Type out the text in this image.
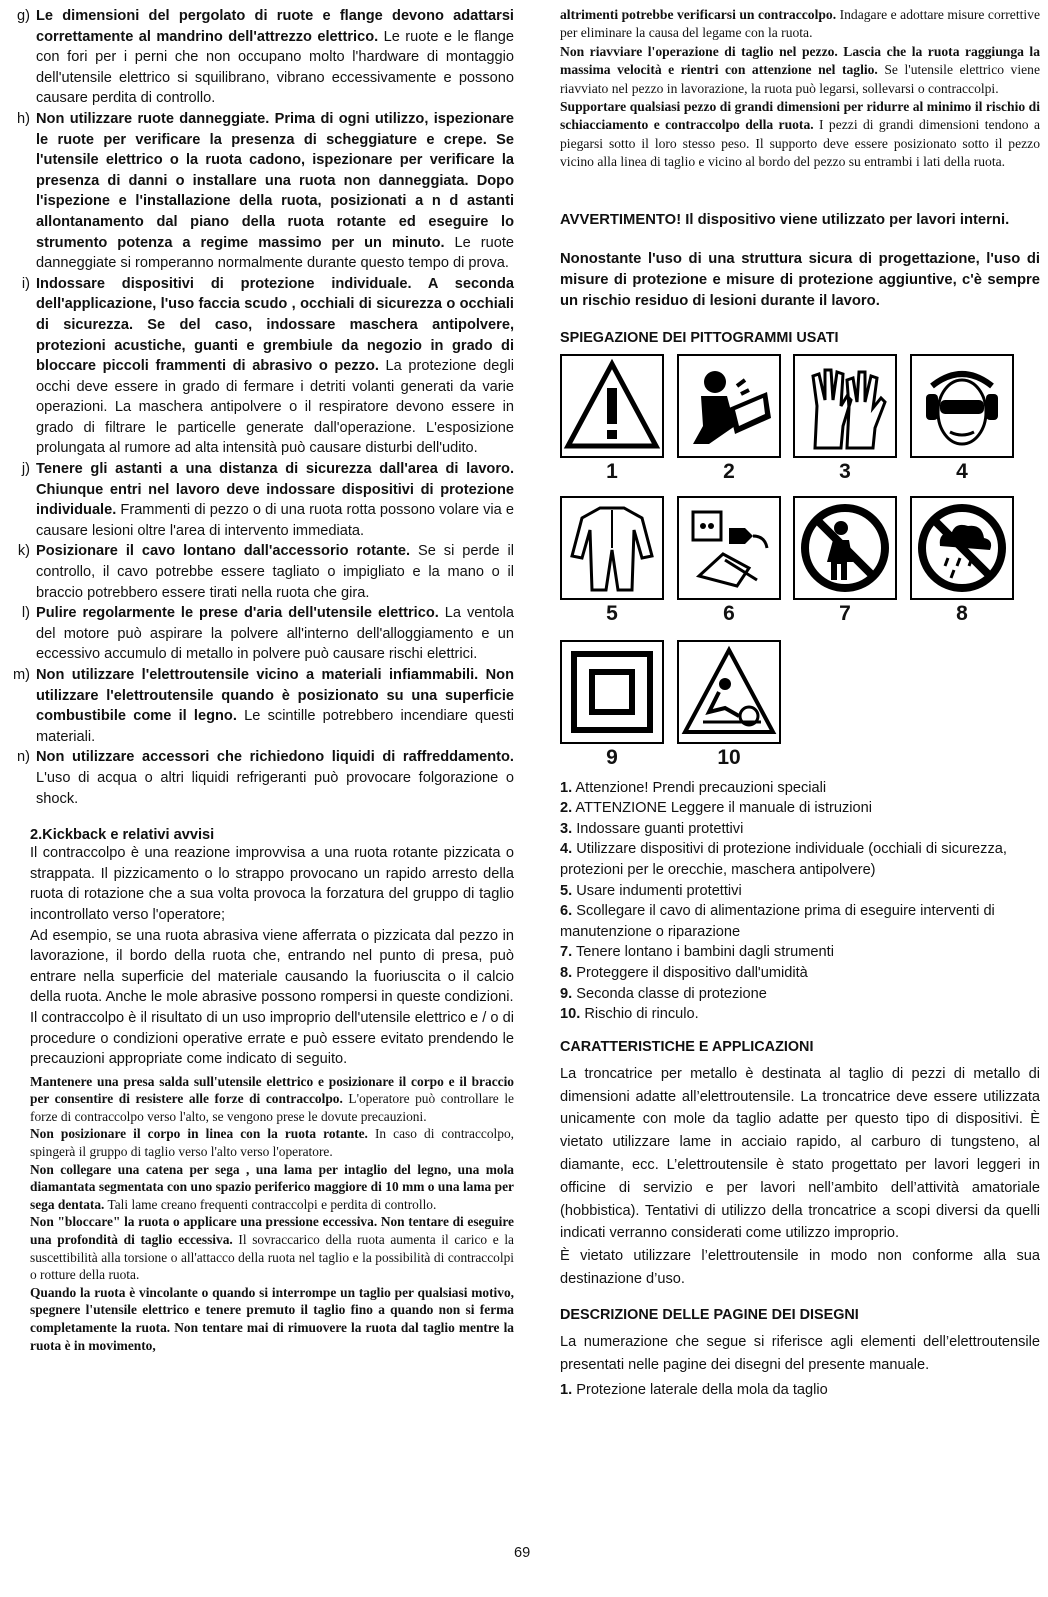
g) Le dimensioni del pergolato di ruote e flange devono adattarsi correttamente al mandrino dell'attrezzo elettrico. Le ruote e le flange con fori per i perni che non occupano molto l'hardware di montaggio dell'utensile elettrico si squilibrano, vibrano eccessivamente e possono causare perdita di controllo.
h) Non utilizzare ruote danneggiate. Prima di ogni utilizzo, ispezionare le ruote per verificare la presenza di scheggiature e crepe. Se l'utensile elettrico o la ruota cadono, ispezionare per verificare la presenza di danni o installare una ruota non danneggiata. Dopo l'ispezione e l'installazione della ruota, posizionati a n d astanti allontanamento dal piano della ruota rotante ed eseguire lo strumento potenza a regime massimo per un minuto. Le ruote danneggiate si romperanno normalmente durante questo tempo di prova.
i) Indossare dispositivi di protezione individuale. A seconda dell'applicazione, l'uso faccia scudo , occhiali di sicurezza o occhiali di sicurezza. Se del caso, indossare maschera antipolvere, protezioni acustiche, guanti e grembiule da negozio in grado di bloccare piccoli frammenti di abrasivo o pezzo. La protezione degli occhi deve essere in grado di fermare i detriti volanti generati da varie operazioni. La maschera antipolvere o il respiratore devono essere in grado di filtrare le particelle generate dall'operazione. L'esposizione prolungata al rumore ad alta intensità può causare disturbi dell'udito.
j) Tenere gli astanti a una distanza di sicurezza dall'area di lavoro. Chiunque entri nel lavoro deve indossare dispositivi di protezione individuale. Frammenti di pezzo o di una ruota rotta possono volare via e causare lesioni oltre l'area di intervento immediata.
k) Posizionare il cavo lontano dall'accessorio rotante. Se si perde il controllo, il cavo potrebbe essere tagliato o impigliato e la mano o il braccio potrebbero essere tirati nella ruota che gira.
l) Pulire regolarmente le prese d'aria dell'utensile elettrico. La ventola del motore può aspirare la polvere all'interno dell'alloggiamento e un eccessivo accumulo di metallo in polvere può causare rischi elettrici.
m) Non utilizzare l'elettroutensile vicino a materiali infiammabili. Non utilizzare l'elettroutensile quando è posizionato su una superficie combustibile come il legno. Le scintille potrebbero incendiare questi materiali.
n) Non utilizzare accessori che richiedono liquidi di raffreddamento. L'uso di acqua o altri liquidi refrigeranti può provocare folgorazione o shock.
2.Kickback e relativi avvisi
Il contraccolpo è una reazione improvvisa a una ruota rotante pizzicata o strappata. Il pizzicamento o lo strappo provocano un rapido arresto della ruota di rotazione che a sua volta provoca la forzatura del gruppo di taglio incontrollato verso l'operatore;
Ad esempio, se una ruota abrasiva viene afferrata o pizzicata dal pezzo in lavorazione, il bordo della ruota che, entrando nel punto di presa, può entrare nella superficie del materiale causando la fuoriuscita o il calcio della ruota. Anche le mole abrasive possono rompersi in queste condizioni.
Il contraccolpo è il risultato di un uso improprio dell'utensile elettrico e / o di procedure o condizioni operative errate e può essere evitato prendendo le precauzioni appropriate come indicato di seguito.
Mantenere una presa salda sull'utensile elettrico e posizionare il corpo e il braccio per consentire di resistere alle forze di contraccolpo. L'operatore può controllare le forze di contraccolpo verso l'alto, se vengono prese le dovute precauzioni.
Non posizionare il corpo in linea con la ruota rotante. In caso di contraccolpo, spingerà il gruppo di taglio verso l'alto verso l'operatore.
Non collegare una catena per sega , una lama per intaglio del legno, una mola diamantata segmentata con uno spazio periferico maggiore di 10 mm o una lama per sega dentata. Tali lame creano frequenti contraccolpi e perdita di controllo.
Non "bloccare" la ruota o applicare una pressione eccessiva. Non tentare di eseguire una profondità di taglio eccessiva. Il sovraccarico della ruota aumenta il carico e la suscettibilità alla torsione o all'attacco della ruota nel taglio e la possibilità di contraccolpi o rotture della ruota.
Quando la ruota è vincolante o quando si interrompe un taglio per qualsiasi motivo, spegnere l'utensile elettrico e tenere premuto il taglio fino a quando non si ferma completamente la ruota. Non tentare mai di rimuovere la ruota dal taglio mentre la ruota è in movimento,
altrimenti potrebbe verificarsi un contraccolpo. Indagare e adottare misure correttive per eliminare la causa del legame con la ruota.
Non riavviare l'operazione di taglio nel pezzo. Lascia che la ruota raggiunga la massima velocità e rientri con attenzione nel taglio. Se l'utensile elettrico viene riavviato nel pezzo in lavorazione, la ruota può legarsi, sollevarsi o contraccolpi.
Supportare qualsiasi pezzo di grandi dimensioni per ridurre al minimo il rischio di schiacciamento e contraccolpo della ruota. I pezzi di grandi dimensioni tendono a piegarsi sotto il loro stesso peso. Il supporto deve essere posizionato sotto il pezzo vicino alla linea di taglio e vicino al bordo del pezzo su entrambi i lati della ruota.
AVVERTIMENTO! Il dispositivo viene utilizzato per lavori interni.
Nonostante l'uso di una struttura sicura di progettazione, l'uso di misure di protezione e misure di protezione aggiuntive, c'è sempre un rischio residuo di lesioni durante il lavoro.
SPIEGAZIONE DEI PITTOGRAMMI USATI
1	2	3	4
5	6	7	8
9	10
1. Attenzione! Prendi precauzioni speciali
2. ATTENZIONE Leggere il manuale di istruzioni
3. Indossare guanti protettivi
4. Utilizzare dispositivi di protezione individuale (occhiali di sicurezza, protezioni per le orecchie, maschera antipolvere)
5. Usare indumenti protettivi
6. Scollegare il cavo di alimentazione prima di eseguire interventi di manutenzione o riparazione
7. Tenere lontano i bambini dagli strumenti
8. Proteggere il dispositivo dall'umidità
9. Seconda classe di protezione
10. Rischio di rinculo.
CARATTERISTICHE E APPLICAZIONI

La troncatrice per metallo è destinata al taglio di pezzi di metallo di dimensioni adatte all’elettroutensile. La troncatrice deve essere utilizzata unicamente con mole da taglio adatte per questo tipo di dispositivi. È vietato utilizzare lame in acciaio rapido, al carburo di tungsteno, al diamante, ecc. L’elettroutensile è stato progettato per lavori leggeri in officine di servizio e per lavori nell’ambito dell’attività amatoriale (hobbistica). Tentativi di utilizzo della troncatrice a scopi diversi da quelli indicati verranno considerati come utilizzo improprio.

È vietato utilizzare l’elettroutensile in modo non conforme alla sua destinazione d’uso.

DESCRIZIONE DELLE PAGINE DEI DISEGNI

La numerazione che segue si riferisce agli elementi dell’elettroutensile presentati nelle pagine dei disegni del presente manuale.

1. Protezione laterale della mola da taglio
69
